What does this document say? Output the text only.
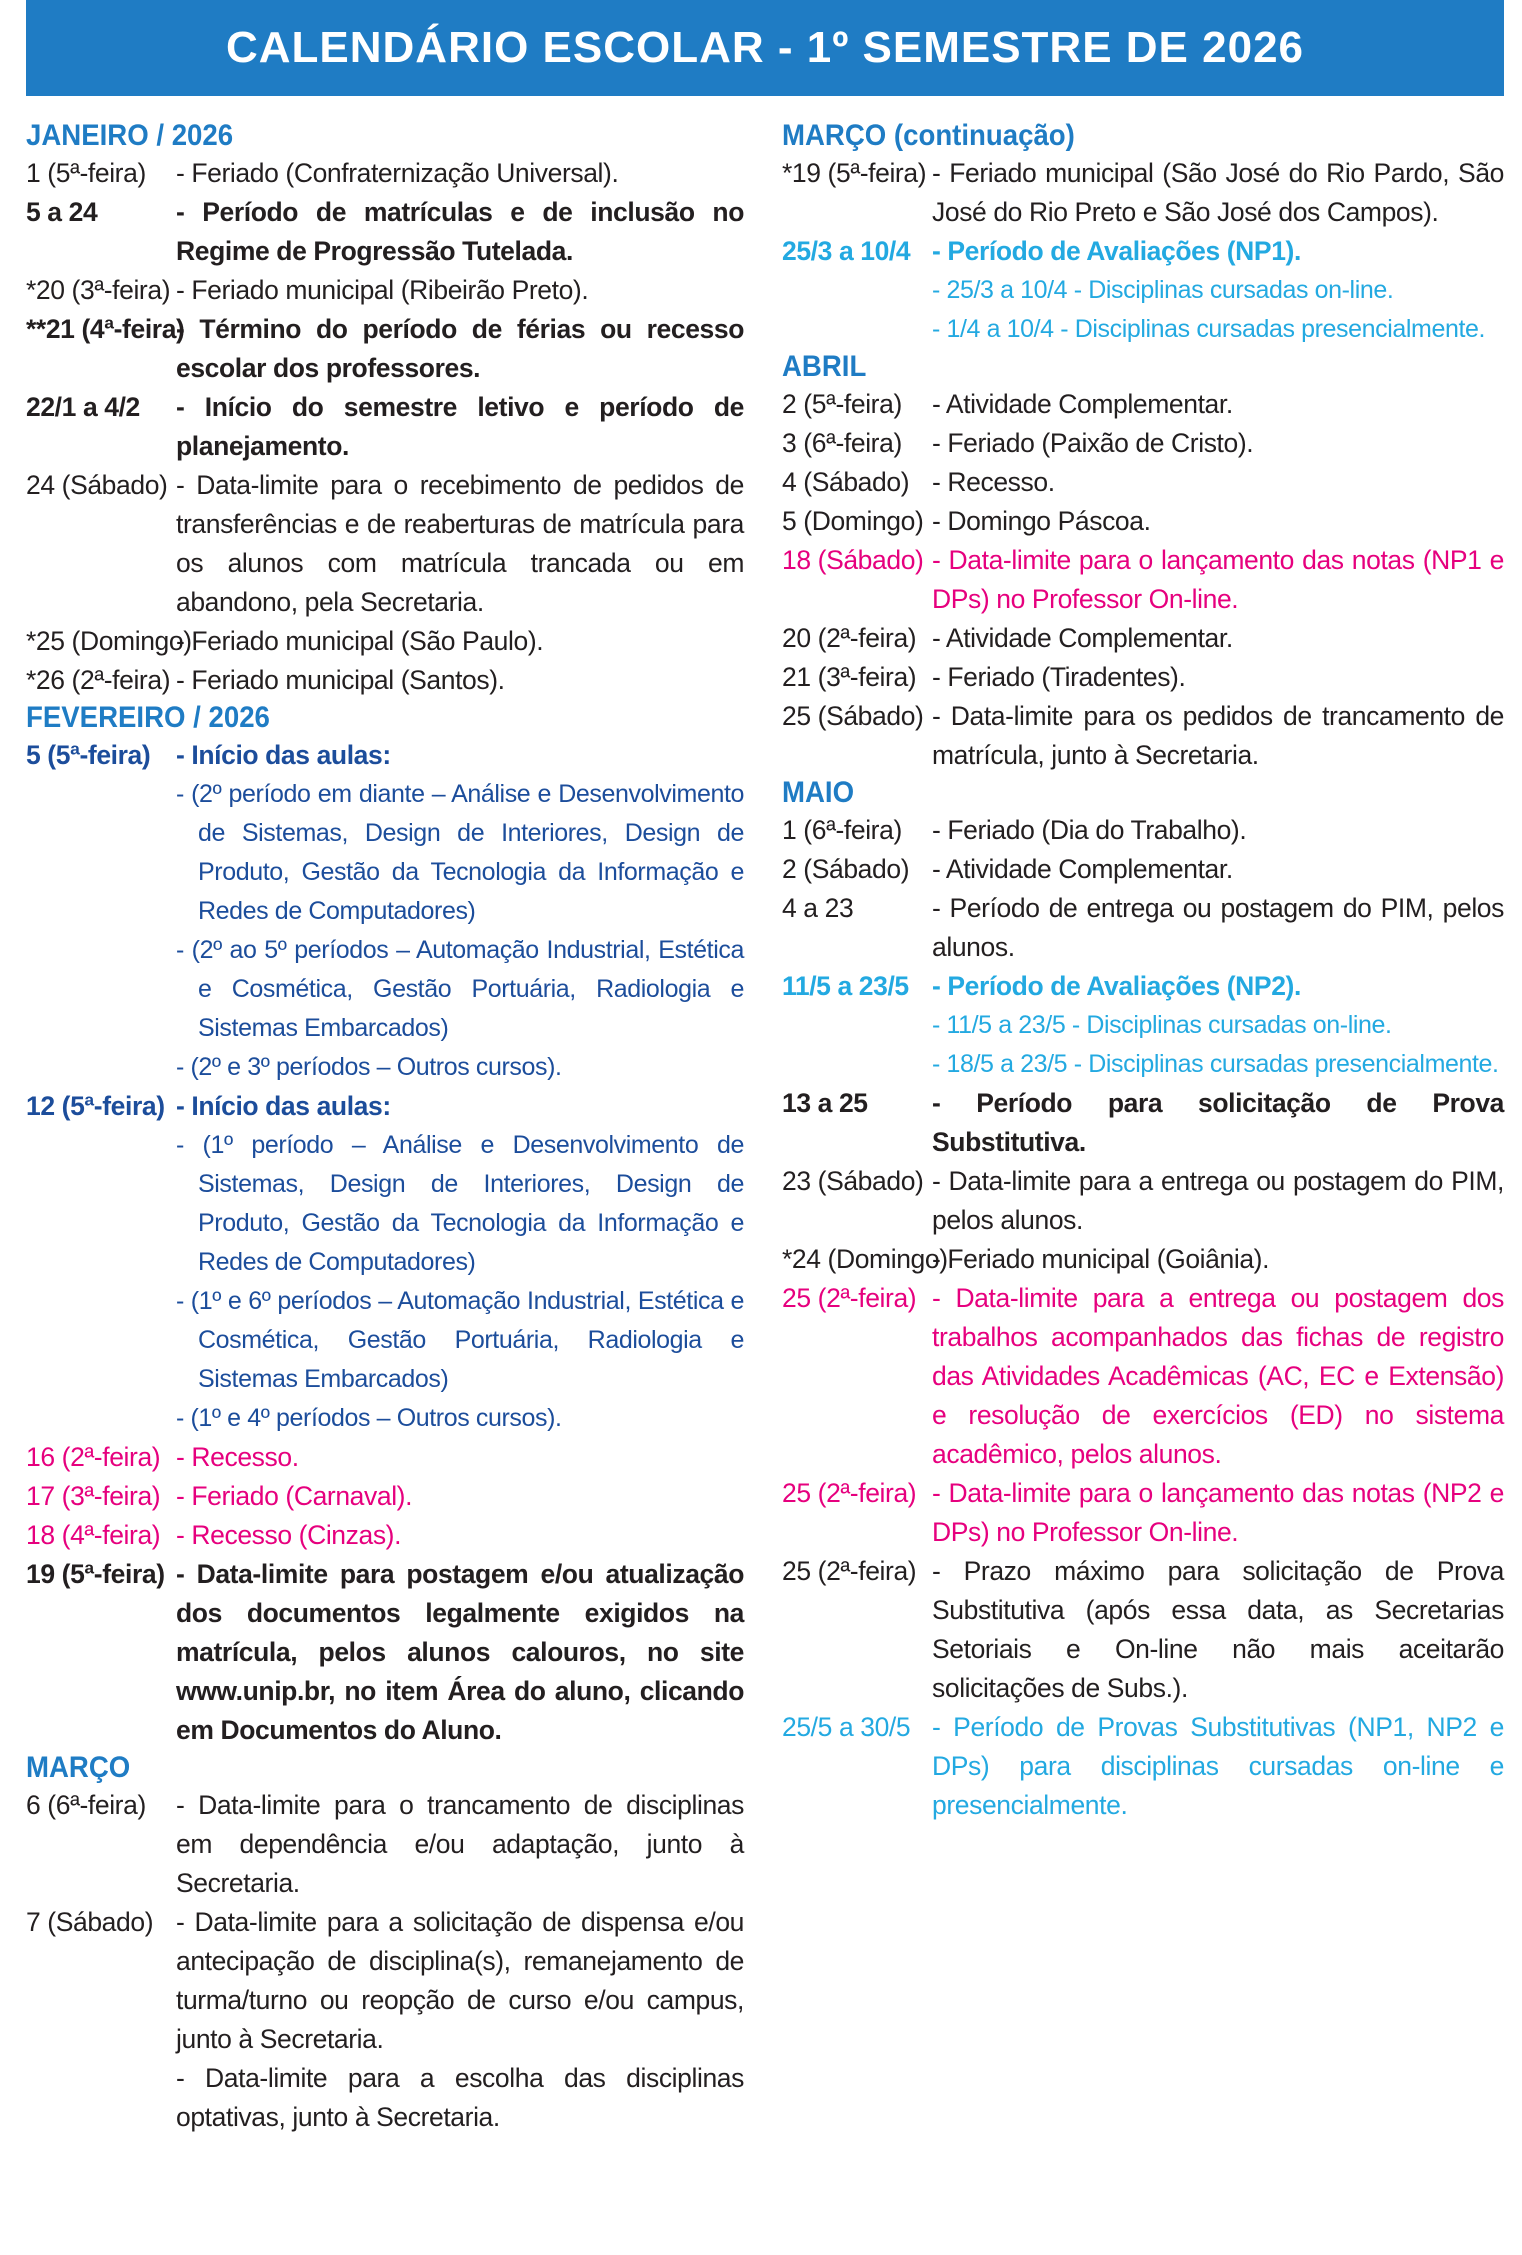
CALENDÁRIO ESCOLAR - 1º SEMESTRE DE 2026
JANEIRO / 2026
1 (5ª-feira)	- Feriado (Confraternização Universal).
5 a 24	- Período de matrículas e de inclusão no Regime de Progressão Tutelada.
*20 (3ª-feira) - Feriado municipal (Ribeirão Preto).
**21 (4ª-feira)
- Término do período de férias ou recesso escolar dos professores.
22/1 a 4/2	- Início do semestre letivo e período de planejamento.
24 (Sábado) - Data-limite para o recebimento de pedidos de transferências e de reaberturas de matrícula para os alunos com matrícula trancada ou em abandono, pela Secretaria.
*25 (Domingo)
- Feriado municipal (São Paulo).
*26 (2ª-feira) - Feriado municipal (Santos).
FEVEREIRO / 2026
5 (5ª-feira) - Início das aulas:
- (2º período em diante – Análise e Desenvolvimento de Sistemas, Design de Interiores, Design de Produto, Gestão da Tecnologia da Informação e Redes de Computadores)
- (2º ao 5º períodos – Automação Industrial, Estética e Cosmética, Gestão Portuária, Radiologia e Sistemas Embarcados)
- (2º e 3º períodos – Outros cursos).
12 (5ª-feira) - Início das aulas:
- (1º período – Análise e Desenvolvimento de Sistemas, Design de Interiores, Design de Produto, Gestão da Tecnologia da Informação e Redes de Computadores)
- (1º e 6º períodos – Automação Industrial, Estética e Cosmética, Gestão Portuária, Radiologia e Sistemas Embarcados)
- (1º e 4º períodos – Outros cursos).
16 (2ª-feira) - Recesso.
17 (3ª-feira) - Feriado (Carnaval).
18 (4ª-feira) - Recesso (Cinzas).
19 (5ª-feira) - Data-limite para postagem e/ou atualização dos documentos legalmente exigidos na matrícula, pelos alunos calouros, no site www.unip.br, no item Área do aluno, clicando em Documentos do Aluno.
MARÇO
6 (6ª-feira)	- Data-limite para o trancamento de disciplinas em dependência e/ou adaptação, junto à Secretaria.
7 (Sábado) - Data-limite para a solicitação de dispensa e/ou antecipação de disciplina(s), remanejamento de turma/turno ou reopção de curso e/ou campus, junto à Secretaria.
- Data-limite para a escolha das disciplinas optativas, junto à Secretaria.
MARÇO (continuação)
*19 (5ª-feira) - Feriado municipal (São José do Rio Pardo, São José do Rio Preto e São José dos Campos).
25/3 a 10/4 - Período de Avaliações (NP1).
- 25/3 a 10/4 - Disciplinas cursadas on-line.
- 1/4 a 10/4 - Disciplinas cursadas presencialmente.
ABRIL
2 (5ª-feira)	- Atividade Complementar.
3 (6ª-feira)	- Feriado (Paixão de Cristo).
4 (Sábado) - Recesso.
5 (Domingo) - Domingo Páscoa.
18 (Sábado) - Data-limite para o lançamento das notas (NP1 e DPs) no Professor On-line.
20 (2ª-feira) - Atividade Complementar.
21 (3ª-feira) - Feriado (Tiradentes).
25 (Sábado) - Data-limite para os pedidos de trancamento de matrícula, junto à Secretaria.
MAIO
1 (6ª-feira)	- Feriado (Dia do Trabalho).
2 (Sábado) - Atividade Complementar.
4 a 23	- Período de entrega ou postagem do PIM, pelos alunos.
11/5 a 23/5 - Período de Avaliações (NP2).
- 11/5 a 23/5 - Disciplinas cursadas on-line.
- 18/5 a 23/5 - Disciplinas cursadas presencialmente.
13 a 25	- Período para solicitação de Prova Substitutiva.
23 (Sábado) - Data-limite para a entrega ou postagem do PIM, pelos alunos.
*24 (Domingo)
- Feriado municipal (Goiânia).
25 (2ª-feira) - Data-limite para a entrega ou postagem dos trabalhos acompanhados das fichas de registro das Atividades Acadêmicas (AC, EC e Extensão) e resolução de exercícios (ED) no sistema acadêmico, pelos alunos.
25 (2ª-feira) - Data-limite para o lançamento das notas (NP2 e DPs) no Professor On-line.
25 (2ª-feira) - Prazo máximo para solicitação de Prova Substitutiva (após essa data, as Secretarias Setoriais e On-line não mais aceitarão solicitações de Subs.).
25/5 a 30/5 - Período de Provas Substitutivas (NP1, NP2 e DPs) para disciplinas cursadas on-line e presencialmente.
